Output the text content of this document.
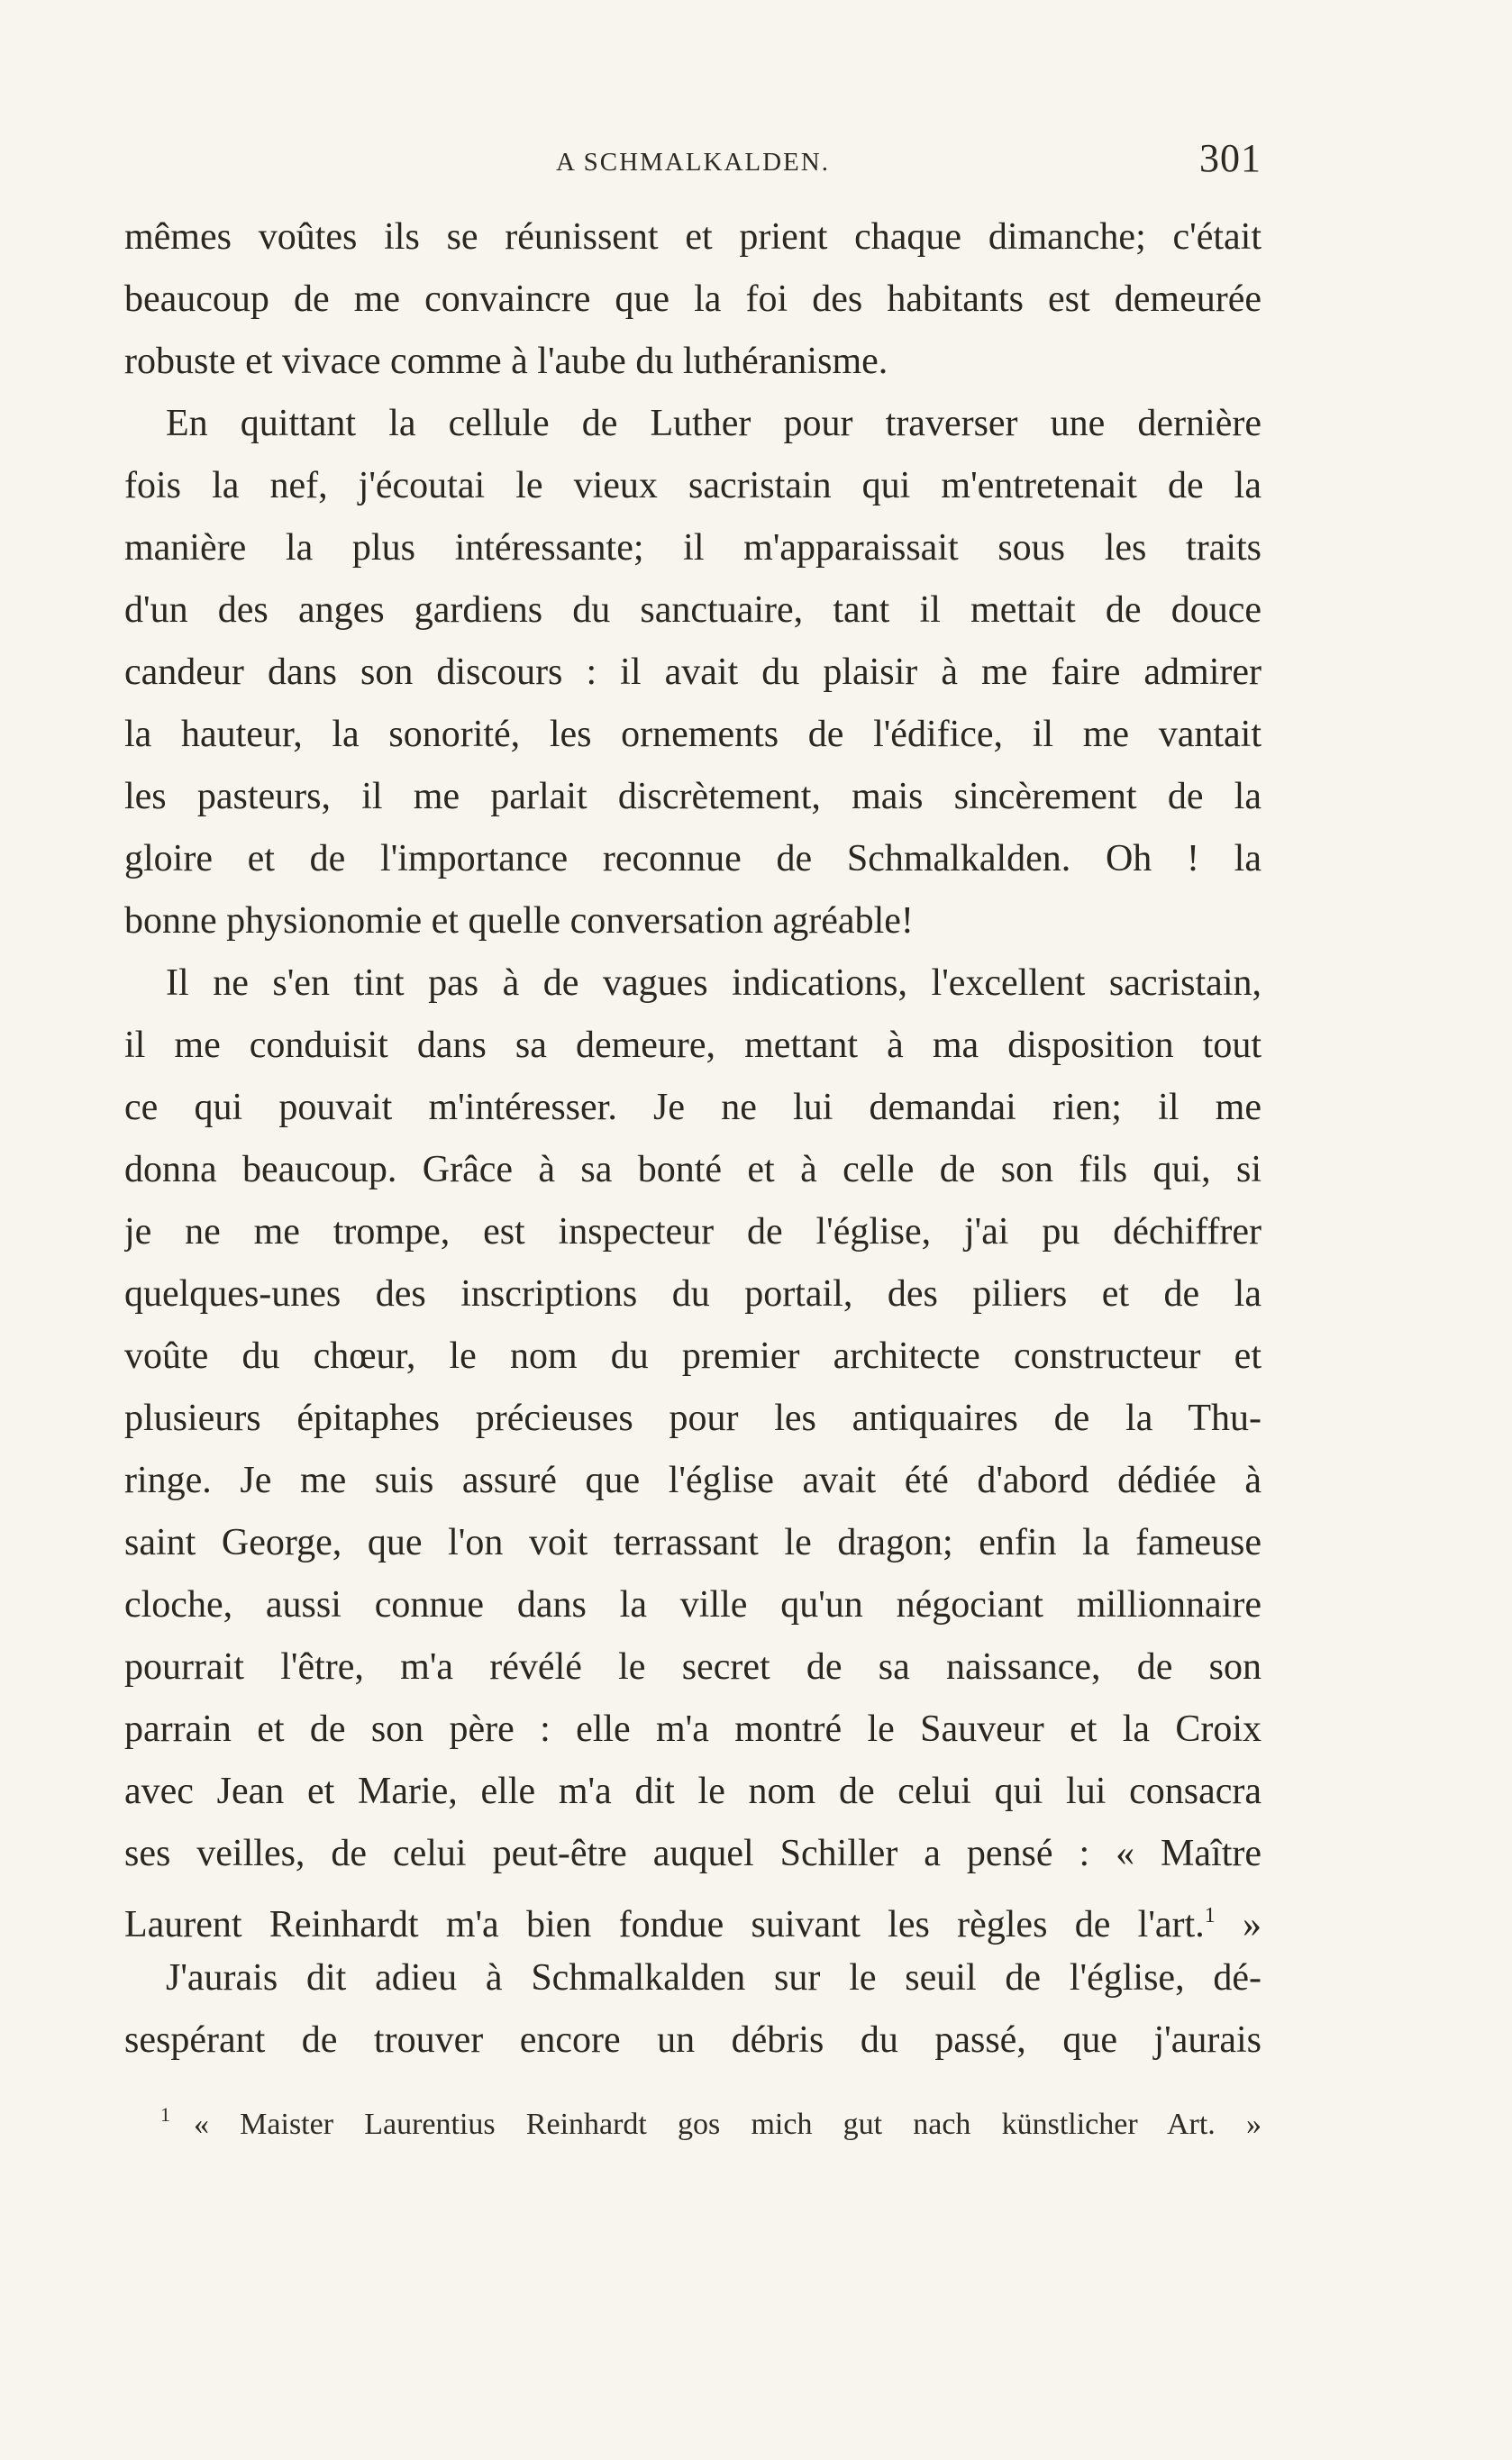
A SCHMALKALDEN.	301
mêmes voûtes ils se réunissent et prient chaque dimanche; c'était
beaucoup de me convaincre que la foi des habitants est demeurée
robuste et vivace comme à l'aube du luthéranisme.
En quittant la cellule de Luther pour traverser une dernière
fois la nef, j'écoutai le vieux sacristain qui m'entretenait de la
manière la plus intéressante; il m'apparaissait sous les traits
d'un des anges gardiens du sanctuaire, tant il mettait de douce
candeur dans son discours : il avait du plaisir à me faire admirer
la hauteur, la sonorité, les ornements de l'édifice, il me vantait
les pasteurs, il me parlait discrètement, mais sincèrement de la
gloire et de l'importance reconnue de Schmalkalden. Oh ! la
bonne physionomie et quelle conversation agréable!
Il ne s'en tint pas à de vagues indications, l'excellent sacristain,
il me conduisit dans sa demeure, mettant à ma disposition tout
ce qui pouvait m'intéresser. Je ne lui demandai rien; il me
donna beaucoup. Grâce à sa bonté et à celle de son fils qui, si
je ne me trompe, est inspecteur de l'église, j'ai pu déchiffrer
quelques-unes des inscriptions du portail, des piliers et de la
voûte du chœur, le nom du premier architecte constructeur et
plusieurs épitaphes précieuses pour les antiquaires de la Thu-
ringe. Je me suis assuré que l'église avait été d'abord dédiée à
saint George, que l'on voit terrassant le dragon; enfin la fameuse
cloche, aussi connue dans la ville qu'un négociant millionnaire
pourrait l'être, m'a révélé le secret de sa naissance, de son
parrain et de son père : elle m'a montré le Sauveur et la Croix
avec Jean et Marie, elle m'a dit le nom de celui qui lui consacra
ses veilles, de celui peut-être auquel Schiller a pensé : « Maître
Laurent Reinhardt m'a bien fondue suivant les règles de l'art.$^1$ »
J'aurais dit adieu à Schmalkalden sur le seuil de l'église, dé-
sespérant de trouver encore un débris du passé, que j'aurais
$^1$ « Maister Laurentius Reinhardt gos mich gut nach künstlicher Art. »
